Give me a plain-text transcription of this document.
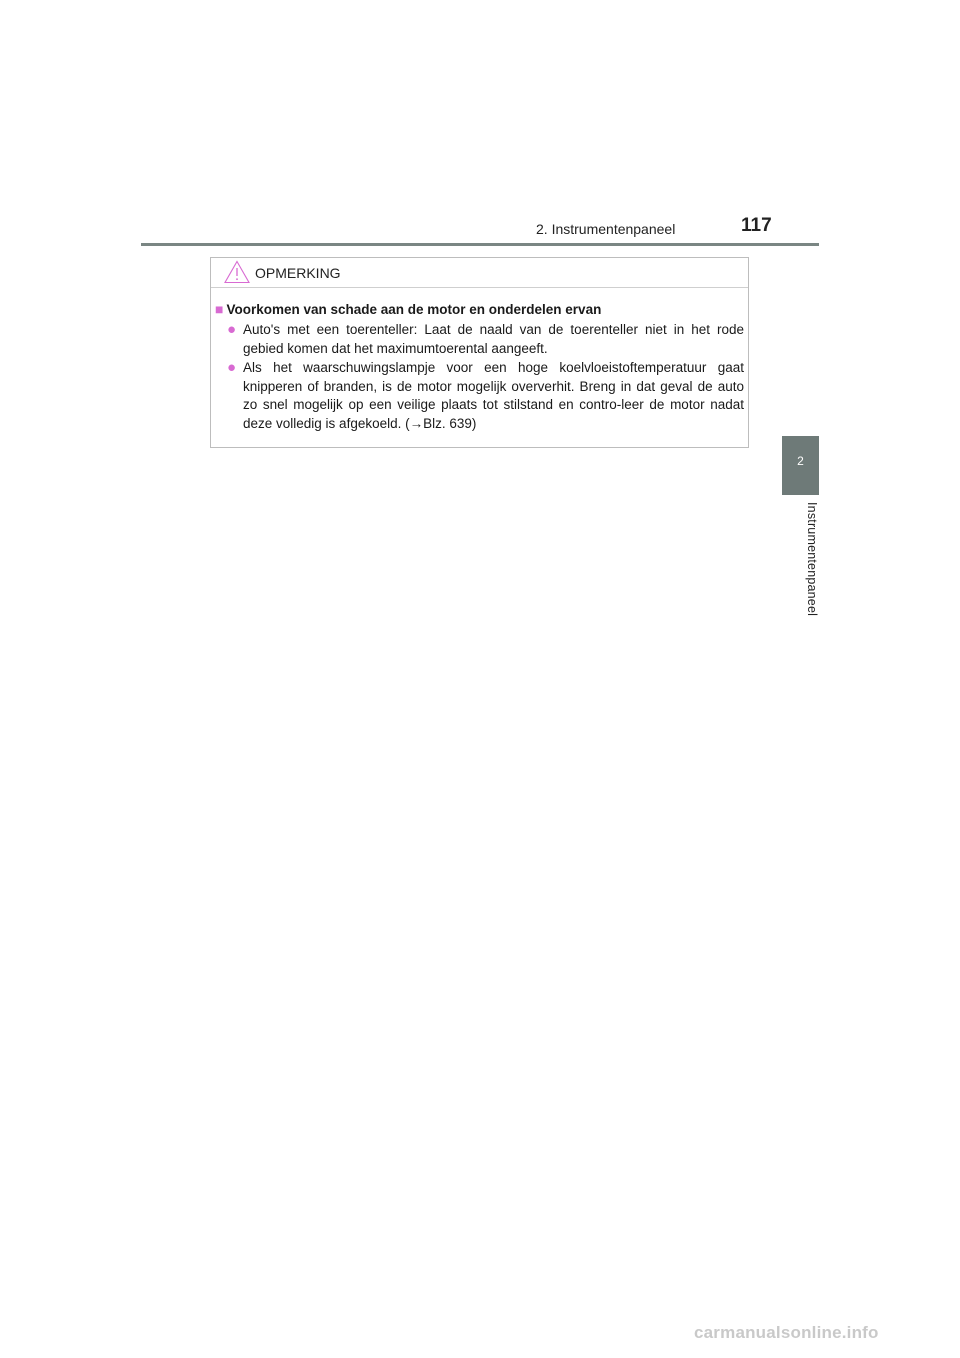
2. Instrumentenpaneel	117
2
Instrumentenpaneel
OPMERKING
■ Voorkomen van schade aan de motor en onderdelen ervan
● Auto's met een toerenteller: Laat de naald van de toerenteller niet in het rode gebied komen dat het maximumtoerental aangeeft.
● Als het waarschuwingslampje voor een hoge koelvloeistoftemperatuur gaat knipperen of branden, is de motor mogelijk oververhit. Breng in dat geval de auto zo snel mogelijk op een veilige plaats tot stilstand en contro-leer de motor nadat deze volledig is afgekoeld. (→Blz. 639)
carmanualsonline.info
